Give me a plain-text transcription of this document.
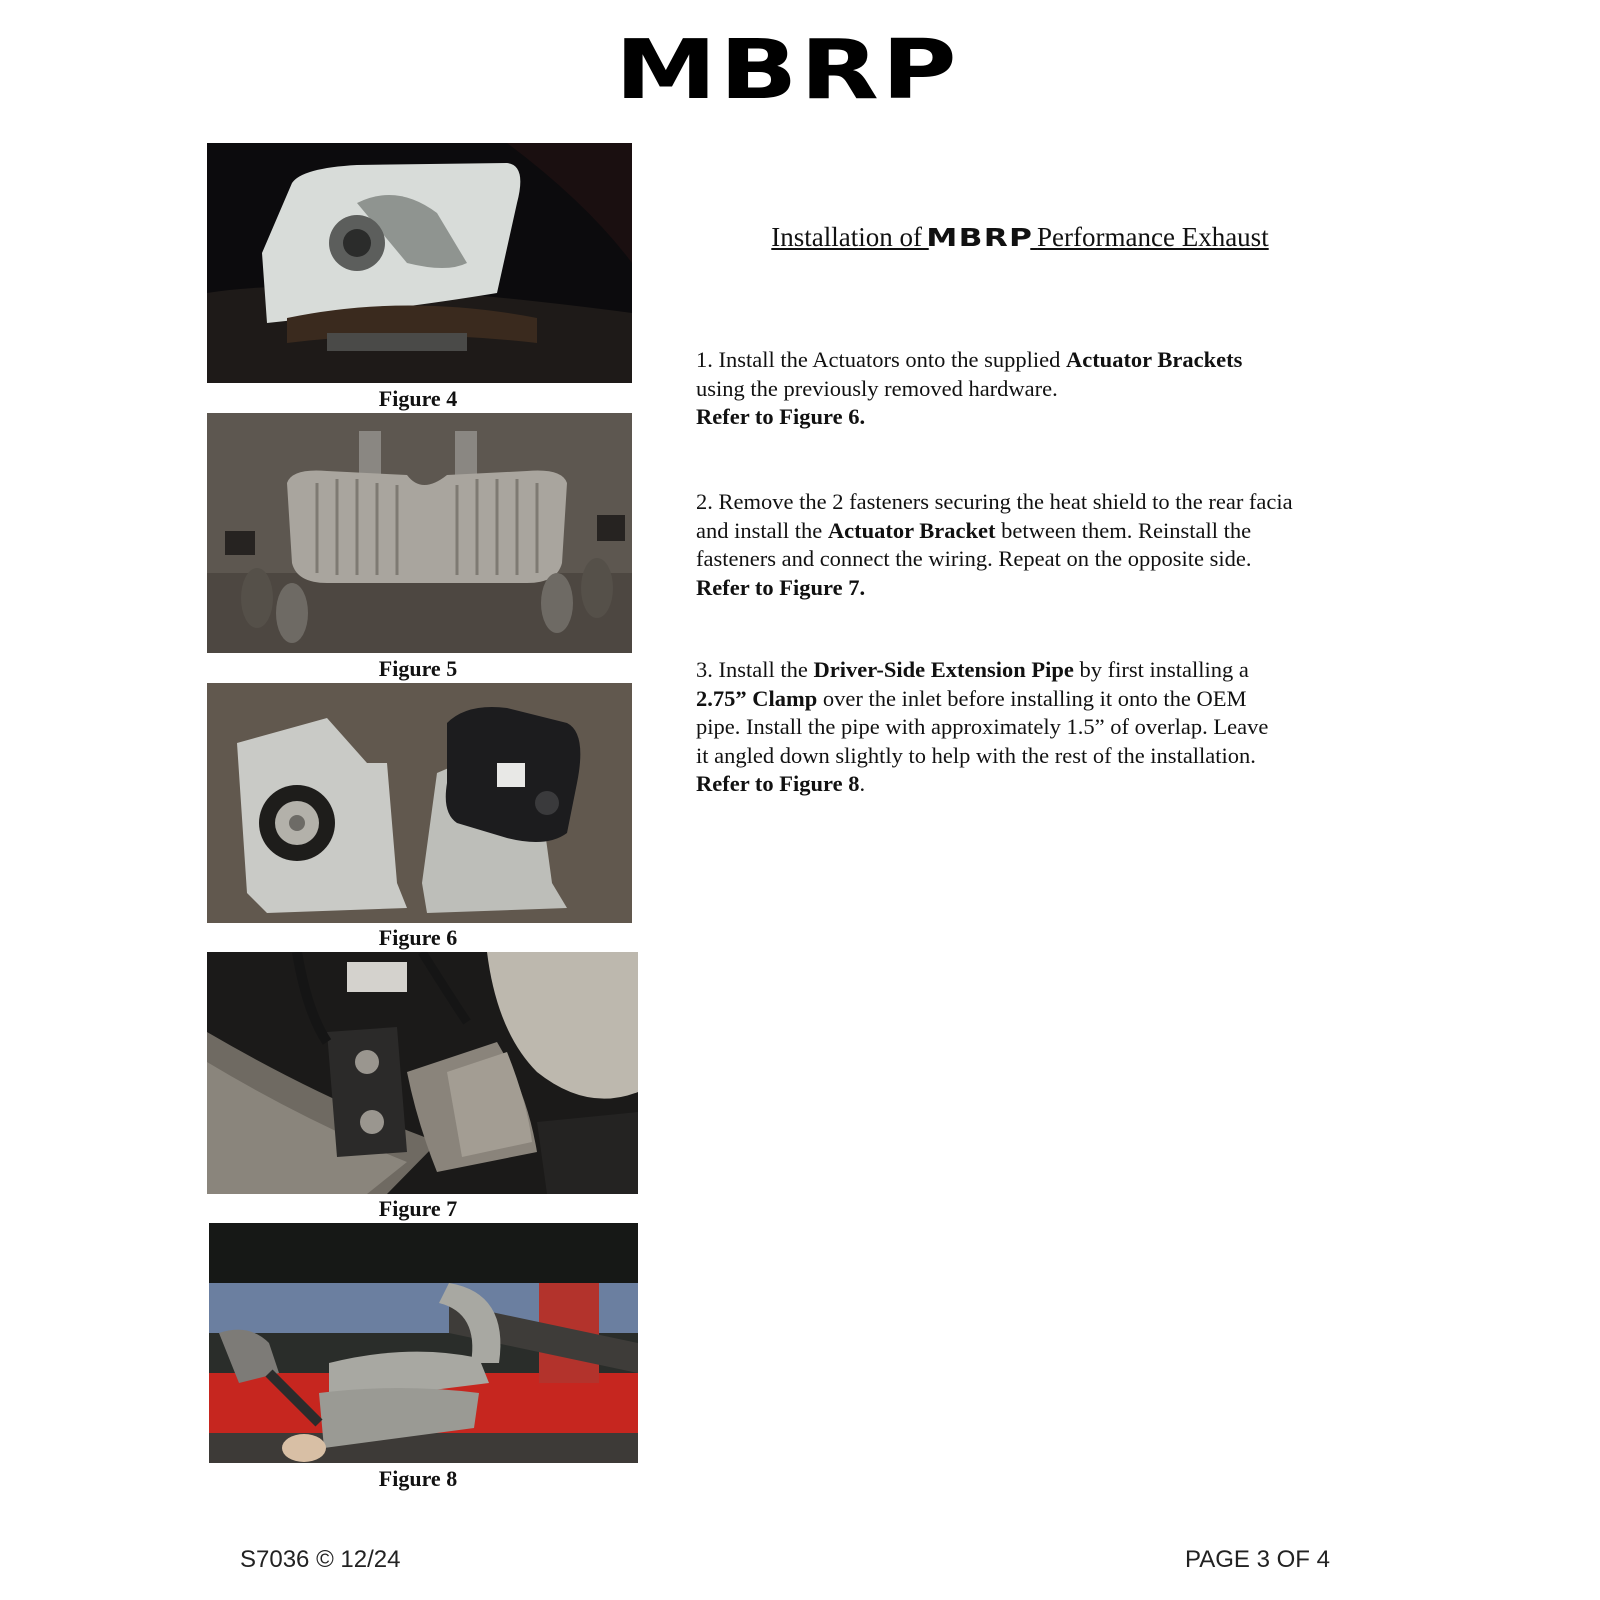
MBRP
Figure 4
Figure 5
Figure 6
Figure 7
Figure 8
Installation of MBRP Performance Exhaust

1. Install the Actuators onto the supplied Actuator Brackets

using the previously removed hardware.

Refer to Figure 6.

2. Remove the 2 fasteners securing the heat shield to the rear facia

and install the Actuator Bracket between them. Reinstall the

fasteners and connect the wiring. Repeat on the opposite side.

Refer to Figure 7.

3. Install the Driver-Side Extension Pipe by first installing a

2.75” Clamp over the inlet before installing it onto the OEM

pipe. Install the pipe with approximately 1.5” of overlap. Leave

it angled down slightly to help with the rest of the installation.

Refer to Figure 8.

S7036 © 12/24	PAGE 3 OF 4
